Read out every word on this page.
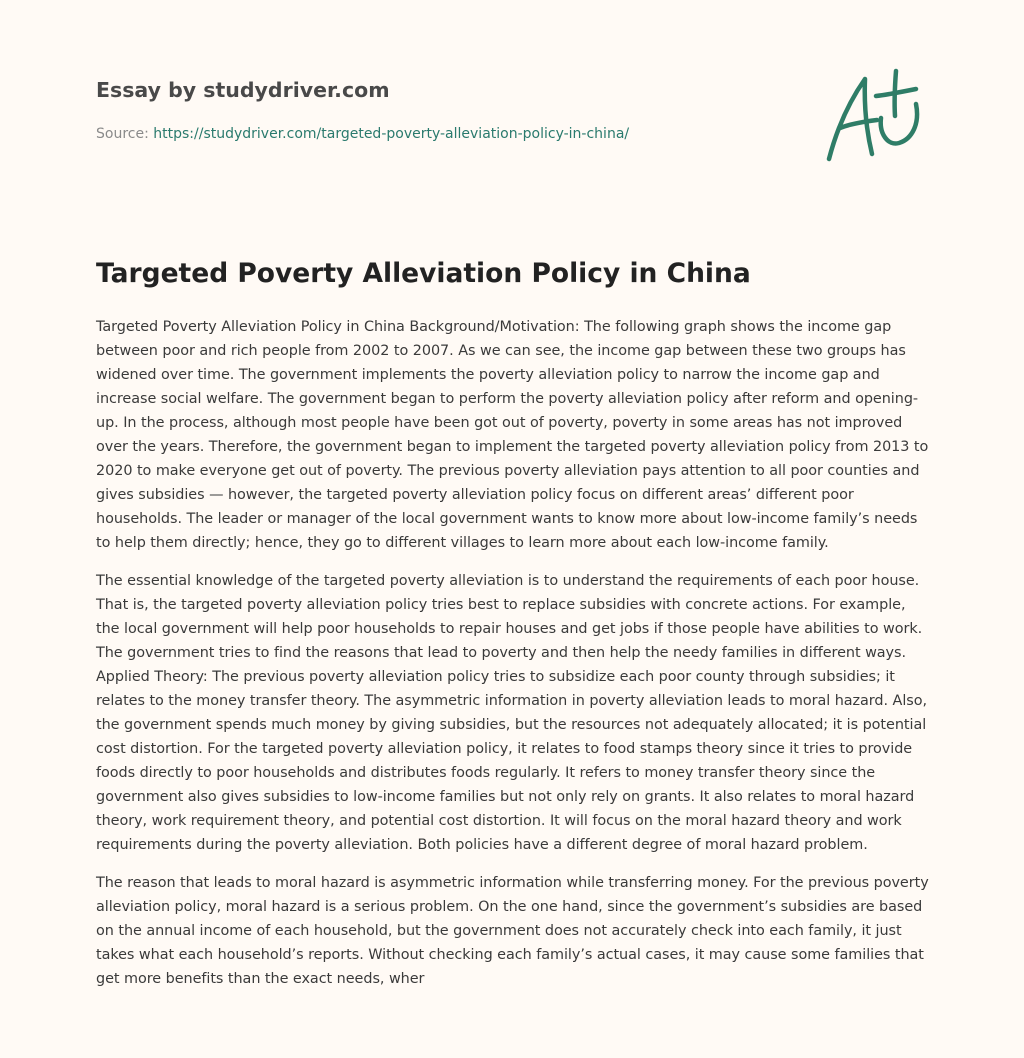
Essay by studydriver.com
Source: https://studydriver.com/targeted-poverty-alleviation-policy-in-china/
Targeted Poverty Alleviation Policy in China

Targeted Poverty Alleviation Policy in China Background/Motivation: The following graph shows the income gap between poor and rich people from 2002 to 2007. As we can see, the income gap between these two groups has widened over time. The government implements the poverty alleviation policy to narrow the income gap and increase social welfare. The government began to perform the poverty alleviation policy after reform and opening-up. In the process, although most people have been got out of poverty, poverty in some areas has not improved over the years. Therefore, the government began to implement the targeted poverty alleviation policy from 2013 to 2020 to make everyone get out of poverty. The previous poverty alleviation pays attention to all poor counties and gives subsidies — however, the targeted poverty alleviation policy focus on different areas’ different poor households. The leader or manager of the local government wants to know more about low-income family’s needs to help them directly; hence, they go to different villages to learn more about each low-income family.

The essential knowledge of the targeted poverty alleviation is to understand the requirements of each poor house. That is, the targeted poverty alleviation policy tries best to replace subsidies with concrete actions. For example, the local government will help poor households to repair houses and get jobs if those people have abilities to work. The government tries to find the reasons that lead to poverty and then help the needy families in different ways. Applied Theory: The previous poverty alleviation policy tries to subsidize each poor county through subsidies; it relates to the money transfer theory. The asymmetric information in poverty alleviation leads to moral hazard. Also, the government spends much money by giving subsidies, but the resources not adequately allocated; it is potential cost distortion. For the targeted poverty alleviation policy, it relates to food stamps theory since it tries to provide foods directly to poor households and distributes foods regularly. It refers to money transfer theory since the government also gives subsidies to low-income families but not only rely on grants. It also relates to moral hazard theory, work requirement theory, and potential cost distortion. It will focus on the moral hazard theory and work requirements during the poverty alleviation. Both policies have a different degree of moral hazard problem.

The reason that leads to moral hazard is asymmetric information while transferring money. For the previous poverty alleviation policy, moral hazard is a serious problem. On the one hand, since the government’s subsidies are based on the annual income of each household, but the government does not accurately check into each family, it just takes what each household’s reports. Without checking each family’s actual cases, it may cause some families that get more benefits than the exact needs, wher
